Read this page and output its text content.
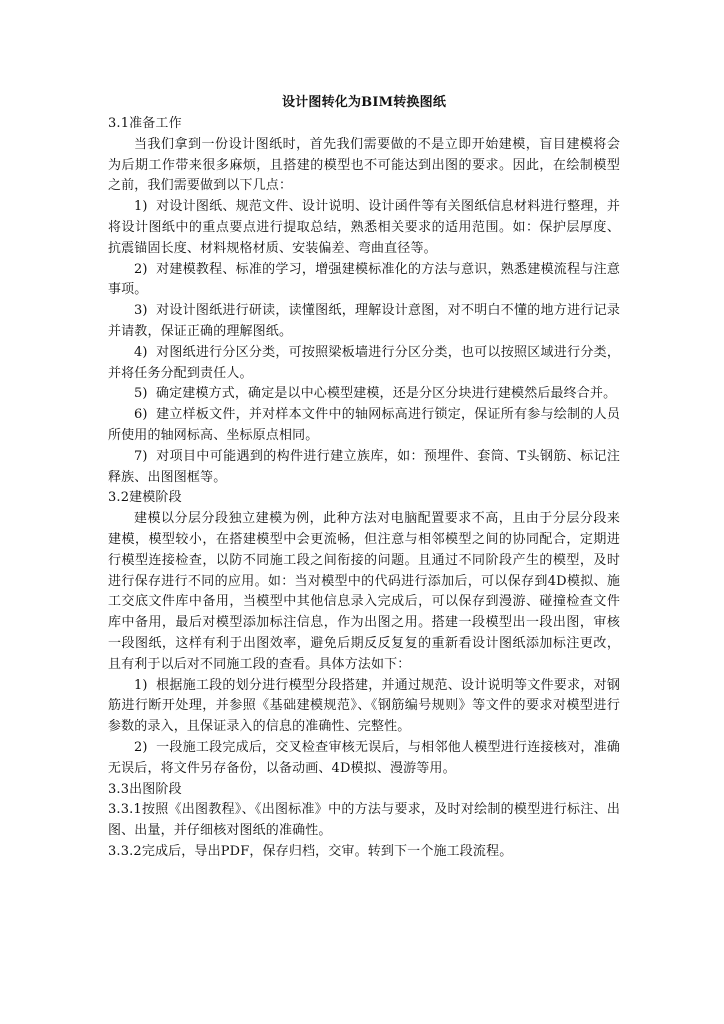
设计图转化为BIM转换图纸

3.1准备工作

当我们拿到一份设计图纸时，首先我们需要做的不是立即开始建模，盲目建模将会为后期工作带来很多麻烦，且搭建的模型也不可能达到出图的要求。因此，在绘制模型之前，我们需要做到以下几点：

1) 对设计图纸、规范文件、设计说明、设计函件等有关图纸信息材料进行整理，并将设计图纸中的重点要点进行提取总结，熟悉相关要求的适用范围。如：保护层厚度、抗震锚固长度、材料规格材质、安装偏差、弯曲直径等。

2) 对建模教程、标准的学习，增强建模标准化的方法与意识，熟悉建模流程与注意事项。

3) 对设计图纸进行研读，读懂图纸，理解设计意图，对不明白不懂的地方进行记录并请教，保证正确的理解图纸。

4) 对图纸进行分区分类，可按照梁板墙进行分区分类，也可以按照区域进行分类，并将任务分配到责任人。

5) 确定建模方式，确定是以中心模型建模，还是分区分块进行建模然后最终合并。

6) 建立样板文件，并对样本文件中的轴网标高进行锁定，保证所有参与绘制的人员所使用的轴网标高、坐标原点相同。

7) 对项目中可能遇到的构件进行建立族库，如：预埋件、套筒、T头钢筋、标记注释族、出图图框等。

3.2建模阶段

建模以分层分段独立建模为例，此种方法对电脑配置要求不高，且由于分层分段来建模，模型较小，在搭建模型中会更流畅，但注意与相邻模型之间的协同配合，定期进行模型连接检查，以防不同施工段之间衔接的问题。且通过不同阶段产生的模型，及时进行保存进行不同的应用。如：当对模型中的代码进行添加后，可以保存到4D模拟、施工交底文件库中备用，当模型中其他信息录入完成后，可以保存到漫游、碰撞检查文件库中备用，最后对模型添加标注信息，作为出图之用。搭建一段模型出一段出图，审核一段图纸，这样有利于出图效率，避免后期反反复复的重新看设计图纸添加标注更改，且有利于以后对不同施工段的查看。具体方法如下：

1) 根据施工段的划分进行模型分段搭建，并通过规范、设计说明等文件要求，对钢筋进行断开处理，并参照《基础建模规范》、《钢筋编号规则》等文件的要求对模型进行参数的录入，且保证录入的信息的准确性、完整性。

2) 一段施工段完成后，交叉检查审核无误后，与相邻他人模型进行连接核对，准确无误后，将文件另存备份，以备动画、4D模拟、漫游等用。

3.3出图阶段

3.3.1按照《出图教程》、《出图标准》中的方法与要求，及时对绘制的模型进行标注、出图、出量，并仔细核对图纸的准确性。

3.3.2完成后，导出PDF，保存归档，交审。转到下一个施工段流程。
